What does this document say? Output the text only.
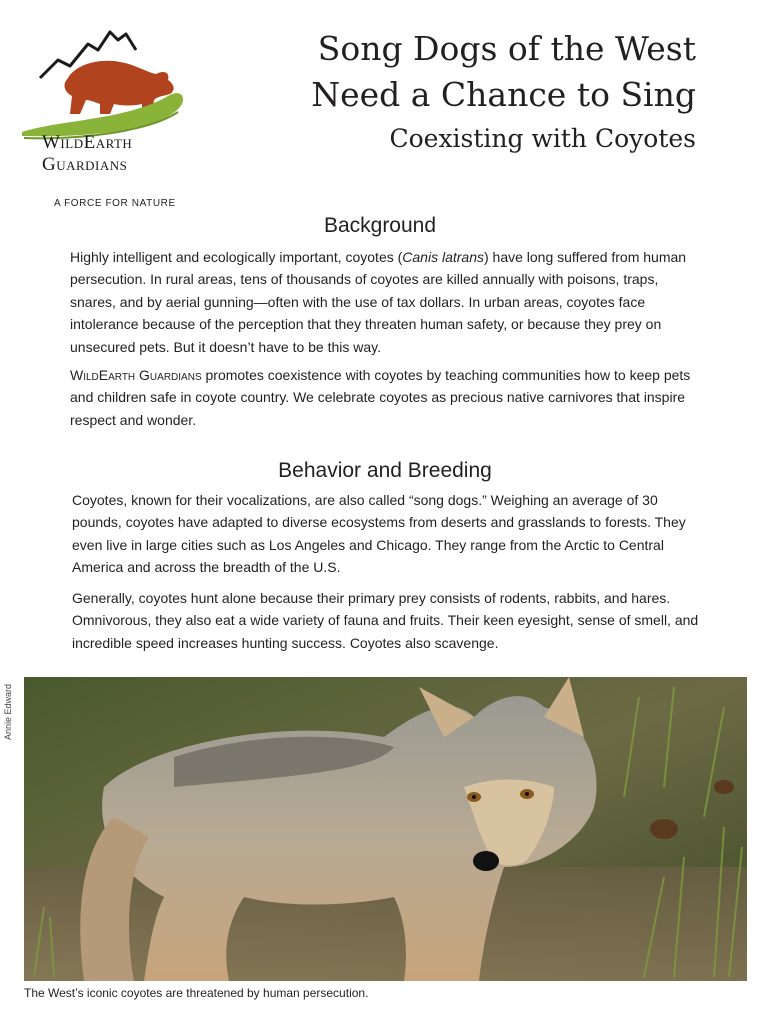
WildEarth
Guardians
A FORCE FOR NATURE
Song Dogs of the West
Need a Chance to Sing
Coexisting with Coyotes
Background

Highly intelligent and ecologically important, coyotes (Canis latrans) have long suffered from human persecution. In rural areas, tens of thousands of coyotes are killed annually with poisons, traps, snares, and by aerial gunning—often with the use of tax dollars. In urban areas, coyotes face intolerance because of the perception that they threaten human safety, or because they prey on unsecured pets. But it doesn’t have to be this way.

WildEarth Guardians promotes coexistence with coyotes by teaching communities how to keep pets and children safe in coyote country. We celebrate coyotes as precious native carnivores that inspire respect and wonder.

Behavior and Breeding

Coyotes, known for their vocalizations, are also called “song dogs.” Weighing an average of 30 pounds, coyotes have adapted to diverse ecosystems from deserts and grasslands to forests. They even live in large cities such as Los Angeles and Chicago. They range from the Arctic to Central America and across the breadth of the U.S.

Generally, coyotes hunt alone because their primary prey consists of rodents, rabbits, and hares. Omnivorous, they also eat a wide variety of fauna and fruits. Their keen eyesight, sense of smell, and incredible speed increases hunting success. Coyotes also scavenge.

Annie Edward
The West’s iconic coyotes are threatened by human persecution.
